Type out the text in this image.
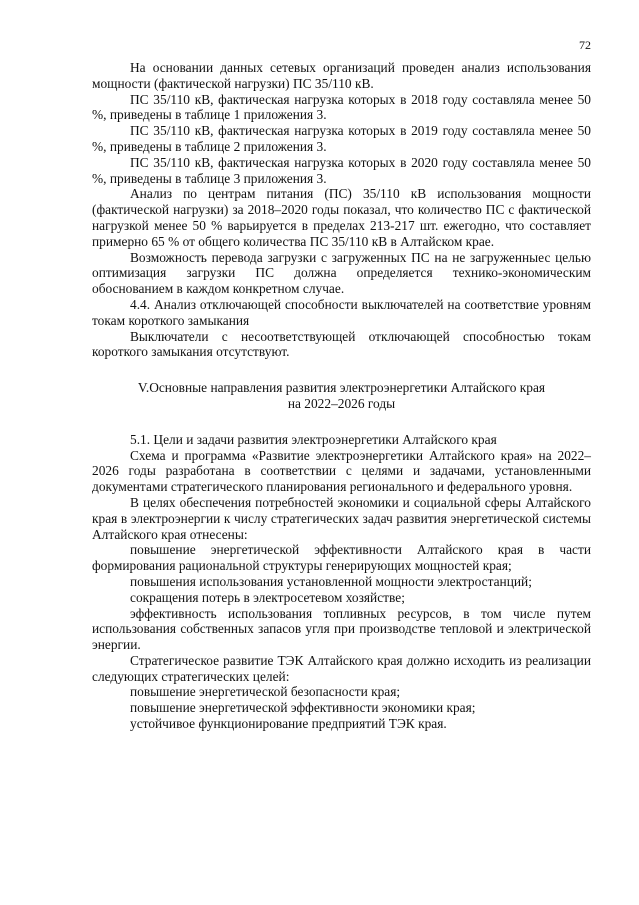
72

На основании данных сетевых организаций проведен анализ использования мощности (фактической нагрузки) ПС 35/110 кВ.

ПС 35/110 кВ, фактическая нагрузка которых в 2018 году составляла менее 50 %, приведены в таблице 1 приложения 3.

ПС 35/110 кВ, фактическая нагрузка которых в 2019 году составляла менее 50 %, приведены в таблице 2 приложения 3.

ПС 35/110 кВ, фактическая нагрузка которых в 2020 году составляла менее 50 %, приведены в таблице 3 приложения 3.

Анализ по центрам питания (ПС) 35/110 кВ использования мощности (фактической нагрузки) за 2018–2020 годы показал, что количество ПС с фактической нагрузкой менее 50 % варьируется в пределах 213-217 шт. ежегодно, что составляет примерно 65 % от общего количества ПС 35/110 кВ в Алтайском крае.

Возможность перевода загрузки с загруженных ПС на не загруженныес целью оптимизация загрузки ПС должна определяется технико-экономическим обоснованием в каждом конкретном случае.

4.4. Анализ отключающей способности выключателей на соответствие уровням токам короткого замыкания

Выключатели с несоответствующей отключающей способностью токам короткого замыкания отсутствуют.

V.Основные направления развития электроэнергетики Алтайского края
на 2022–2026 годы

5.1. Цели и задачи развития электроэнергетики Алтайского края

Схема и программа «Развитие электроэнергетики Алтайского края» на 2022–2026 годы разработана в соответствии с целями и задачами, установленными документами стратегического планирования регионального и федерального уровня.

В целях обеспечения потребностей экономики и социальной сферы Алтайского края в электроэнергии к числу стратегических задач развития энергетической системы Алтайского края отнесены:

повышение энергетической эффективности Алтайского края в части формирования рациональной структуры генерирующих мощностей края;

повышения использования установленной мощности электростанций;

сокращения потерь в электросетевом хозяйстве;

эффективность использования топливных ресурсов, в том числе путем использования собственных запасов угля при производстве тепловой и электрической энергии.

Стратегическое развитие ТЭК Алтайского края должно исходить из реализации следующих стратегических целей:

повышение энергетической безопасности края;

повышение энергетической эффективности экономики края;

устойчивое функционирование предприятий ТЭК края.
